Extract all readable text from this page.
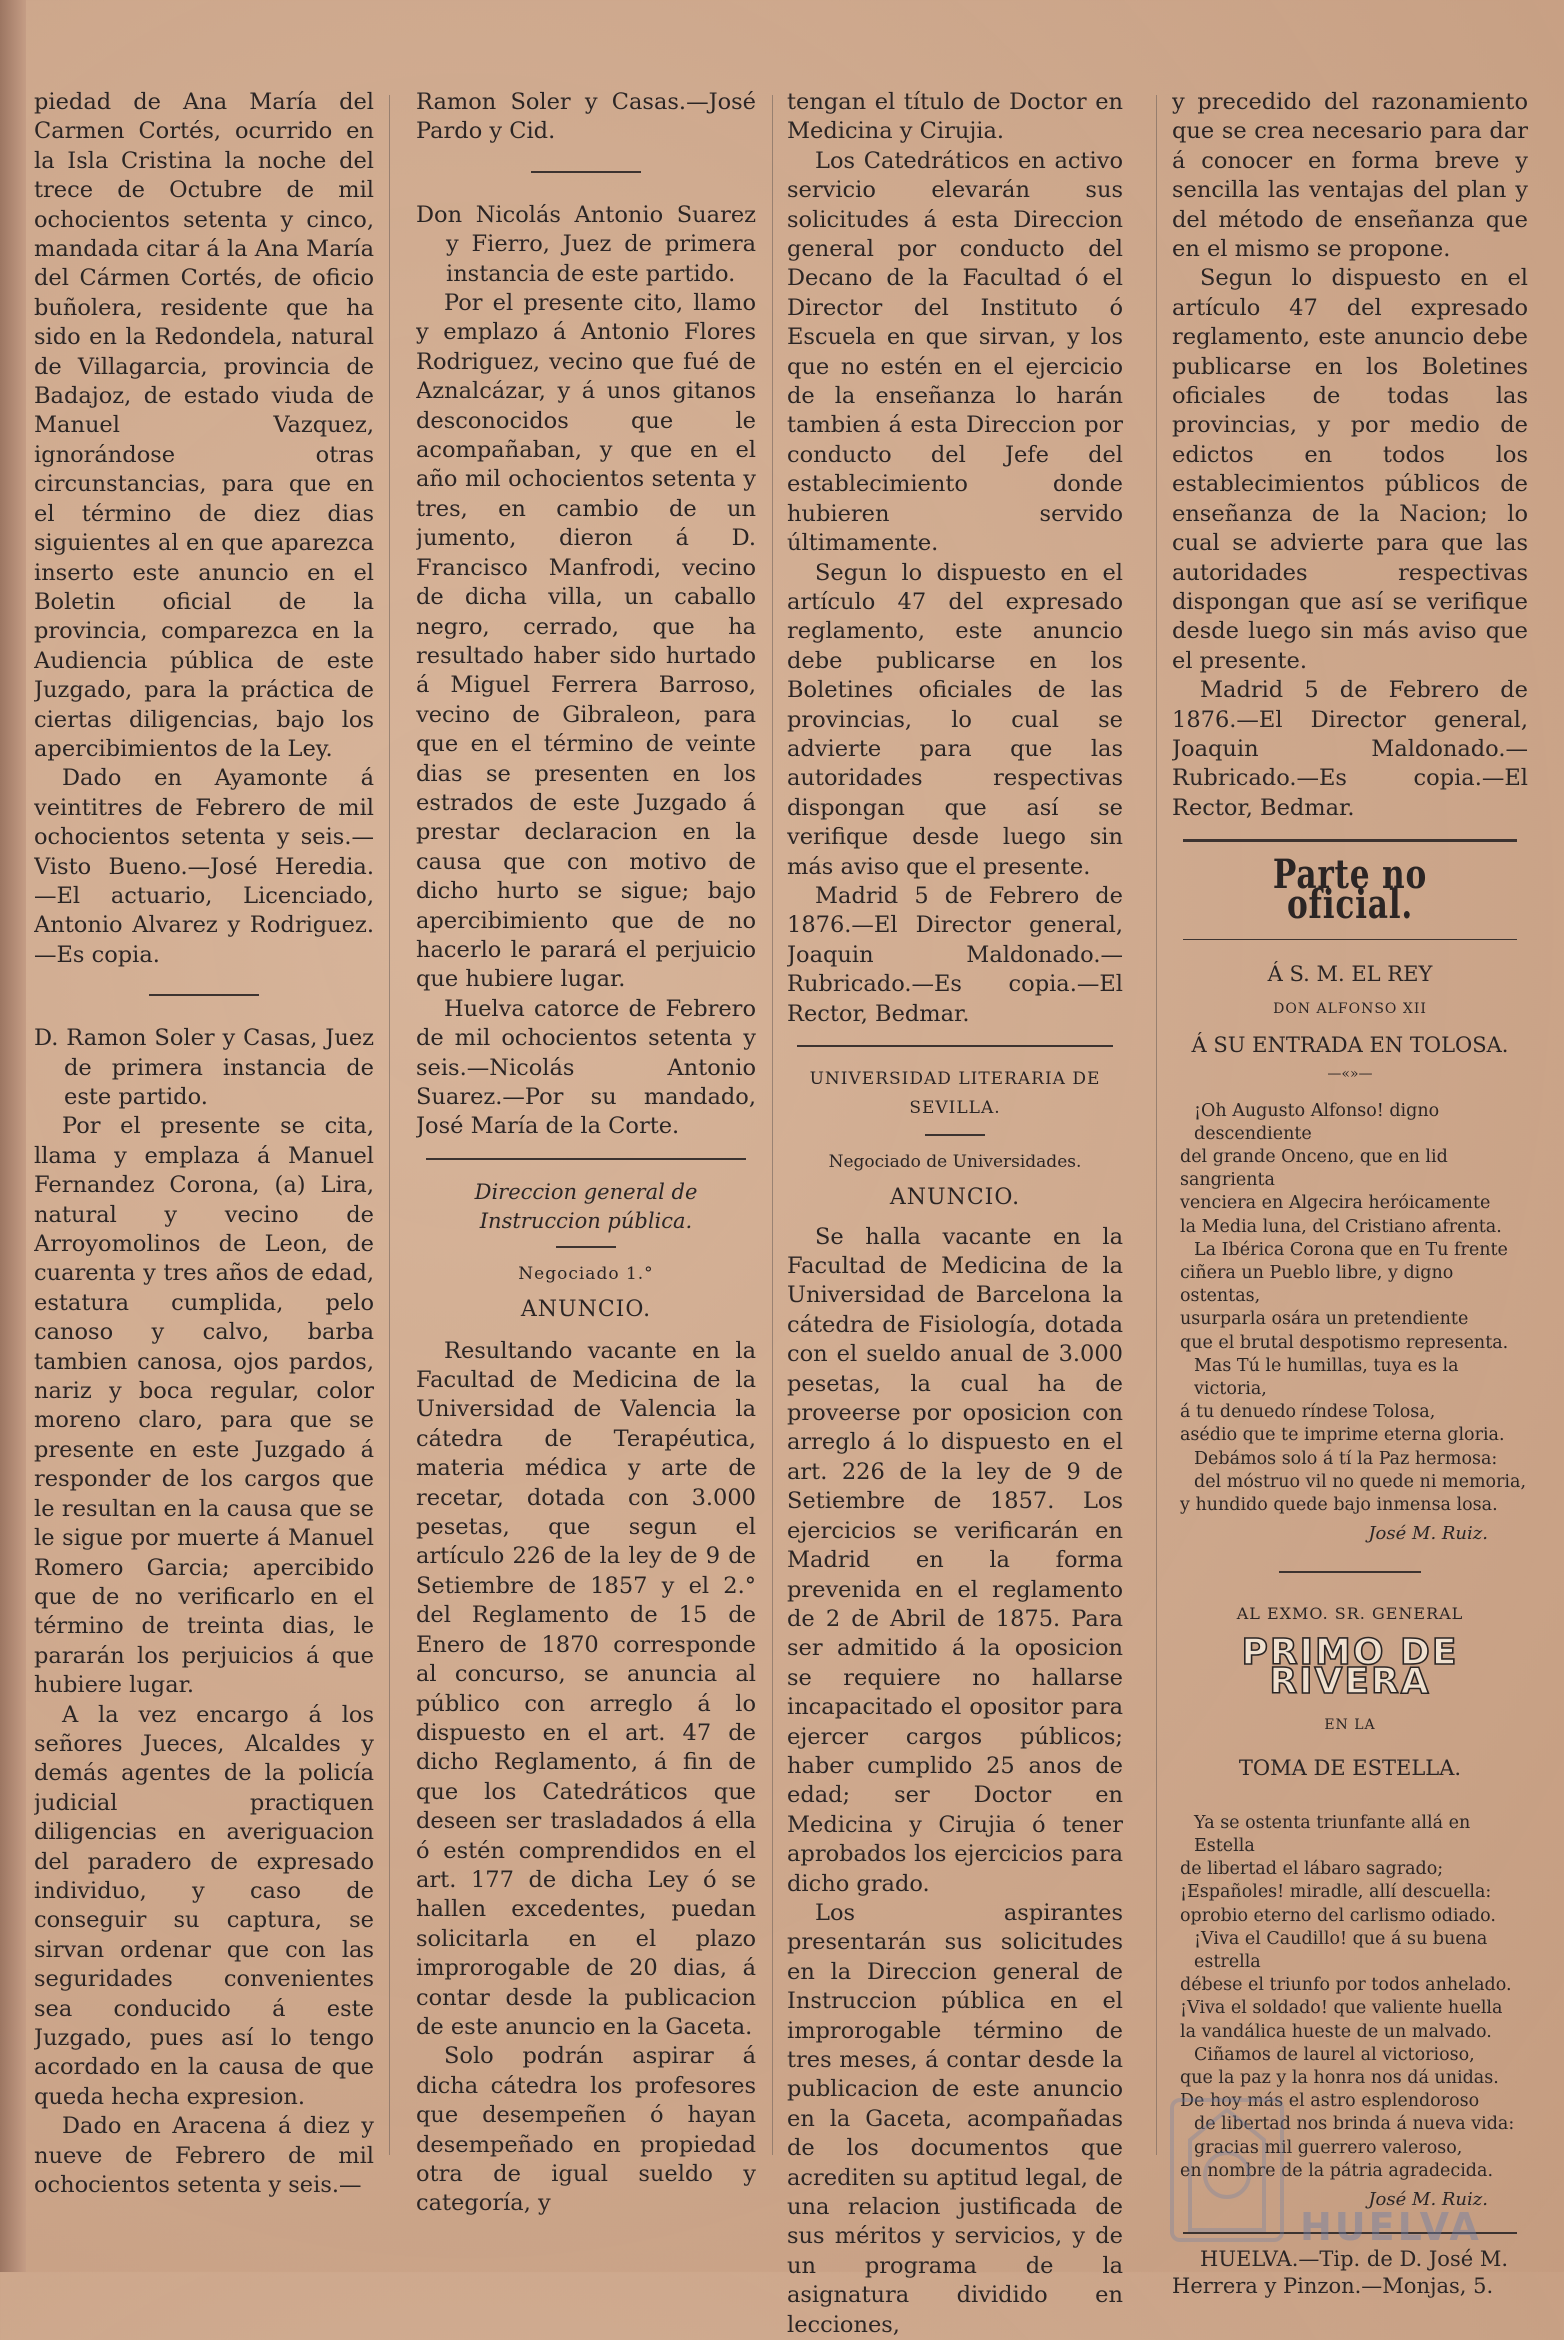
piedad de Ana María del Carmen Cortés, ocurrido en la Isla Cristina la noche del trece de Octubre de mil ochocientos setenta y cinco, mandada citar á la Ana María del Cármen Cortés, de oficio buñolera, residente que ha sido en la Redondela, natural de Villagarcia, provincia de Badajoz, de estado viuda de Manuel Vazquez, ignorándose otras circunstancias, para que en el término de diez dias siguientes al en que aparezca inserto este anuncio en el Boletin oficial de la provincia, comparezca en la Audiencia pública de este Juzgado, para la práctica de ciertas diligencias, bajo los apercibimientos de la Ley.

Dado en Ayamonte á veintitres de Febrero de mil ochocientos setenta y seis.—Visto Bueno.—José Heredia.—El actuario, Licenciado, Antonio Alvarez y Rodriguez.—Es copia.

D. Ramon Soler y Casas, Juez de primera instancia de este partido.

Por el presente se cita, llama y emplaza á Manuel Fernandez Corona, (a) Lira, natural y vecino de Arroyomolinos de Leon, de cuarenta y tres años de edad, estatura cumplida, pelo canoso y calvo, barba tambien canosa, ojos pardos, nariz y boca regular, color moreno claro, para que se presente en este Juzgado á responder de los cargos que le resultan en la causa que se le sigue por muerte á Manuel Romero Garcia; apercibido que de no verificarlo en el término de treinta dias, le pararán los perjuicios á que hubiere lugar.

A la vez encargo á los señores Jueces, Alcaldes y demás agentes de la policía judicial practiquen diligencias en averiguacion del paradero de expresado individuo, y caso de conseguir su captura, se sirvan ordenar que con las seguridades convenientes sea conducido á este Juzgado, pues así lo tengo acordado en la causa de que queda hecha expresion.

Dado en Aracena á diez y nueve de Febrero de mil ochocientos setenta y seis.—

Ramon Soler y Casas.—José Pardo y Cid.

Don Nicolás Antonio Suarez y Fierro, Juez de primera instancia de este partido.

Por el presente cito, llamo y emplazo á Antonio Flores Rodriguez, vecino que fué de Aznalcázar, y á unos gitanos desconocidos que le acompañaban, y que en el año mil ochocientos setenta y tres, en cambio de un jumento, dieron á D. Francisco Manfrodi, vecino de dicha villa, un caballo negro, cerrado, que ha resultado haber sido hurtado á Miguel Ferrera Barroso, vecino de Gibraleon, para que en el término de veinte dias se presenten en los estrados de este Juzgado á prestar declaracion en la causa que con motivo de dicho hurto se sigue; bajo apercibimiento que de no hacerlo le parará el perjuicio que hubiere lugar.

Huelva catorce de Febrero de mil ochocientos setenta y seis.—Nicolás Antonio Suarez.—Por su mandado, José María de la Corte.

Direccion general de Instruccion pública.

Negociado 1.°

ANUNCIO.

Resultando vacante en la Facultad de Medicina de la Universidad de Valencia la cátedra de Terapéutica, materia médica y arte de recetar, dotada con 3.000 pesetas, que segun el artículo 226 de la ley de 9 de Setiembre de 1857 y el 2.° del Reglamento de 15 de Enero de 1870 corresponde al concurso, se anuncia al público con arreglo á lo dispuesto en el art. 47 de dicho Reglamento, á fin de que los Catedráticos que deseen ser trasladados á ella ó estén comprendidos en el art. 177 de dicha Ley ó se hallen excedentes, puedan solicitarla en el plazo improrogable de 20 dias, á contar desde la publicacion de este anuncio en la Gaceta.

Solo podrán aspirar á dicha cátedra los profesores que desempeñen ó hayan desempeñado en propiedad otra de igual sueldo y categoría, y

tengan el título de Doctor en Medicina y Cirujia.

Los Catedráticos en activo servicio elevarán sus solicitudes á esta Direccion general por conducto del Decano de la Facultad ó el Director del Instituto ó Escuela en que sirvan, y los que no estén en el ejercicio de la enseñanza lo harán tambien á esta Direccion por conducto del Jefe del establecimiento donde hubieren servido últimamente.

Segun lo dispuesto en el artículo 47 del expresado reglamento, este anuncio debe publicarse en los Boletines oficiales de las provincias, lo cual se advierte para que las autoridades respectivas dispongan que así se verifique desde luego sin más aviso que el presente.

Madrid 5 de Febrero de 1876.—El Director general, Joaquin Maldonado.—Rubricado.—Es copia.—El Rector, Bedmar.

UNIVERSIDAD LITERARIA DE SEVILLA.

Negociado de Universidades.

ANUNCIO.

Se halla vacante en la Facultad de Medicina de la Universidad de Barcelona la cátedra de Fisiología, dotada con el sueldo anual de 3.000 pesetas, la cual ha de proveerse por oposicion con arreglo á lo dispuesto en el art. 226 de la ley de 9 de Setiembre de 1857. Los ejercicios se verificarán en Madrid en la forma prevenida en el reglamento de 2 de Abril de 1875. Para ser admitido á la oposicion se requiere no hallarse incapacitado el opositor para ejercer cargos públicos; haber cumplido 25 anos de edad; ser Doctor en Medicina y Cirujia ó tener aprobados los ejercicios para dicho grado.

Los aspirantes presentarán sus solicitudes en la Direccion general de Instruccion pública en el improrogable término de tres meses, á contar desde la publicacion de este anuncio en la Gaceta, acompañadas de los documentos que acrediten su aptitud legal, de una relacion justificada de sus méritos y servicios, y de un programa de la asignatura dividido en lecciones,

y precedido del razonamiento que se crea necesario para dar á conocer en forma breve y sencilla las ventajas del plan y del método de enseñanza que en el mismo se propone.

Segun lo dispuesto en el artículo 47 del expresado reglamento, este anuncio debe publicarse en los Boletines oficiales de todas las provincias, y por medio de edictos en todos los establecimientos públicos de enseñanza de la Nacion; lo cual se advierte para que las autoridades respectivas dispongan que así se verifique desde luego sin más aviso que el presente.

Madrid 5 de Febrero de 1876.—El Director general, Joaquin Maldonado.—Rubricado.—Es copia.—El Rector, Bedmar.

Parte no oficial.

Á S. M. EL REY

DON ALFONSO XII

Á SU ENTRADA EN TOLOSA.

—«»—

¡Oh Augusto Alfonso! digno descendiente
del grande Onceno, que en lid sangrienta
venciera en Algecira heróicamente
la Media luna, del Cristiano afrenta.
La Ibérica Corona que en Tu frente
ciñera un Pueblo libre, y digno ostentas,
usurparla osára un pretendiente
que el brutal despotismo representa.
Mas Tú le humillas, tuya es la victoria,
á tu denuedo ríndese Tolosa,
asédio que te imprime eterna gloria.
Debámos solo á tí la Paz hermosa:
del móstruo vil no quede ni memoria,
y hundido quede bajo inmensa losa.
José M. Ruiz.

AL EXMO. SR. GENERAL

PRIMO DE RIVERA

EN LA

TOMA DE ESTELLA.

Ya se ostenta triunfante allá en Estella
de libertad el lábaro sagrado;
¡Españoles! miradle, allí descuella:
oprobio eterno del carlismo odiado.
¡Viva el Caudillo! que á su buena estrella
débese el triunfo por todos anhelado.
¡Viva el soldado! que valiente huella
la vandálica hueste de un malvado.
Ciñamos de laurel al victorioso,
que la paz y la honra nos dá unidas.
De hoy más el astro esplendoroso
de libertad nos brinda á nueva vida:
gracias mil guerrero valeroso,
en nombre de la pátria agradecida.
José M. Ruiz.

HUELVA.—Tip. de D. José M. Herrera y Pinzon.—Monjas, 5.

HUELVA
